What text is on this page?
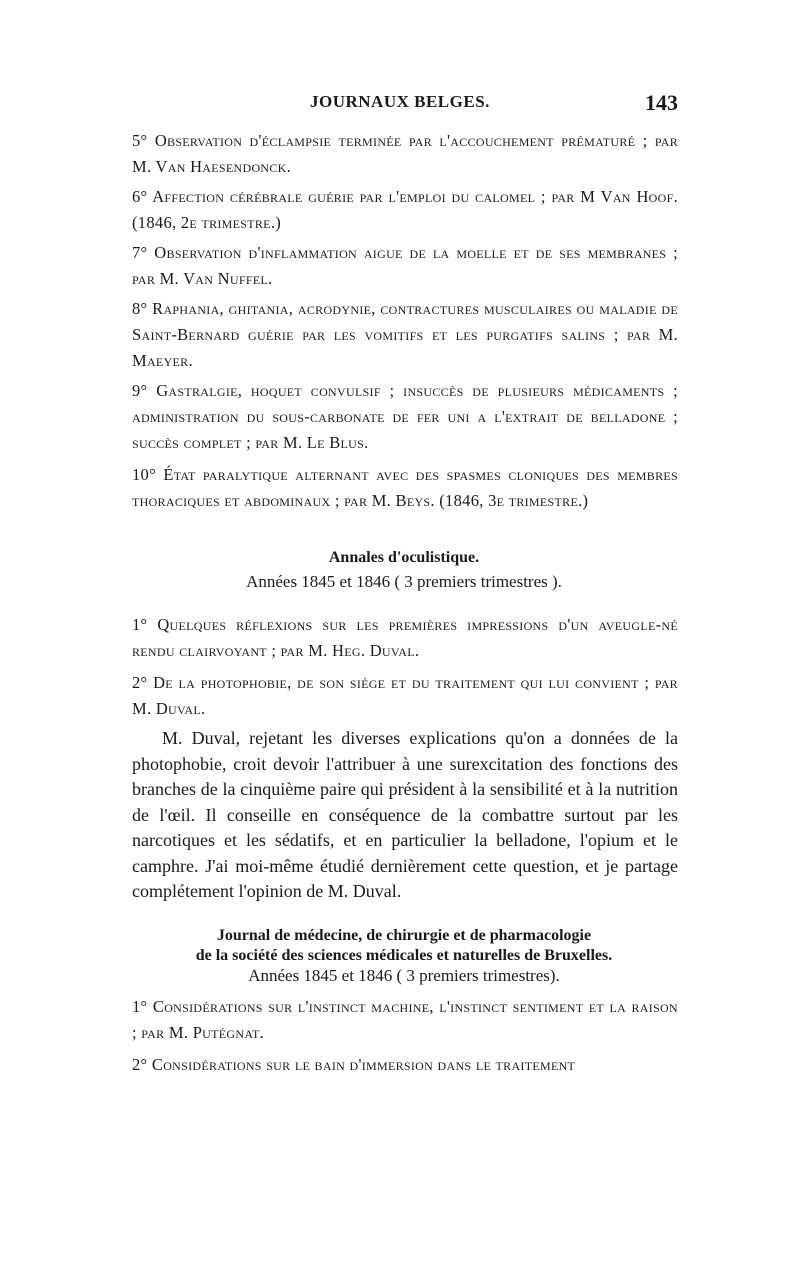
JOURNAUX BELGES.	143
5° Observation d'éclampsie terminée par l'accouchement prématuré ; par M. Van Haesendonck.
6° Affection cérébrale guérie par l'emploi du calomel ; par M Van Hoof. (1846, 2e trimestre.)
7° Observation d'inflammation aigue de la moelle et de ses membranes ; par M. Van Nuffel.
8° Raphania, ghitania, acrodynie, contractures musculaires ou maladie de Saint-Bernard guérie par les vomitifs et les purgatifs salins ; par M. Maeyer.
9° Gastralgie, hoquet convulsif ; insuccès de plusieurs médicaments ; administration du sous-carbonate de fer uni a l'extrait de belladone ; succès complet ; par M. Le Blus.
10° État paralytique alternant avec des spasmes cloniques des membres thoraciques et abdominaux ; par M. Beys. (1846, 3e trimestre.)
Annales d'oculistique.
Années 1845 et 1846 ( 3 premiers trimestres ).
1° Quelques réflexions sur les premières impressions d'un aveugle-né rendu clairvoyant ; par M. Heg. Duval.
2° De la photophobie, de son siége et du traitement qui lui convient ; par M. Duval.
M. Duval, rejetant les diverses explications qu'on a données de la photophobie, croit devoir l'attribuer à une surexcitation des fonctions des branches de la cinquième paire qui président à la sensibilité et à la nutrition de l'œil. Il conseille en conséquence de la combattre surtout par les narcotiques et les sédatifs, et en particulier la belladone, l'opium et le camphre. J'ai moi-même étudié dernièrement cette question, et je partage complétement l'opinion de M. Duval.
Journal de médecine, de chirurgie et de pharmacologie
de la société des sciences médicales et naturelles de Bruxelles.
Années 1845 et 1846 ( 3 premiers trimestres).
1° Considérations sur l'instinct machine, l'instinct sentiment et la raison ; par M. Putégnat.
2° Considérations sur le bain d'immersion dans le traitement
